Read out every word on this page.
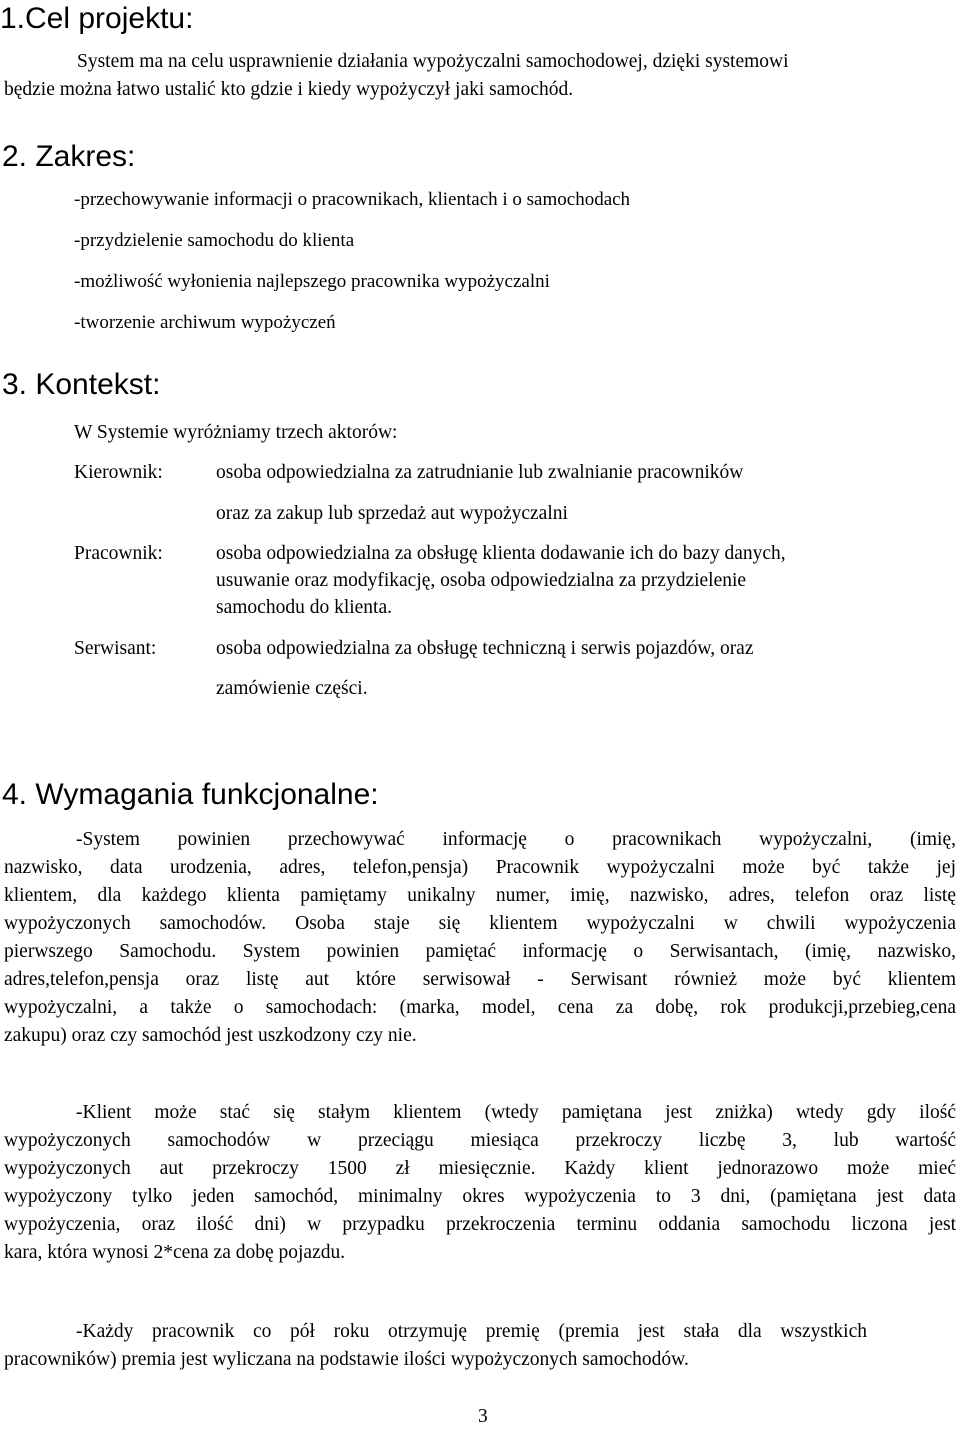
1.Cel projektu:
System ma na celu usprawnienie działania wypożyczalni samochodowej, dzięki systemowi
będzie można łatwo ustalić kto gdzie i kiedy wypożyczył jaki samochód.
2. Zakres:
-przechowywanie informacji o pracownikach, klientach i o samochodach
-przydzielenie samochodu do klienta
-możliwość wyłonienia najlepszego pracownika wypożyczalni
-tworzenie archiwum wypożyczeń
3. Kontekst:
W Systemie wyróżniamy trzech aktorów:
Kierownik:	osoba odpowiedzialna za zatrudnianie lub zwalnianie pracowników
oraz za zakup lub sprzedaż aut wypożyczalni
Pracownik:	osoba odpowiedzialna za obsługę klienta dodawanie ich do bazy danych,
usuwanie oraz modyfikację, osoba odpowiedzialna za przydzielenie
samochodu do klienta.
Serwisant:	osoba odpowiedzialna za obsługę techniczną i serwis pojazdów, oraz
zamówienie części.
4. Wymagania funkcjonalne:
-System powinien przechowywać informację o pracownikach wypożyczalni, (imię,
nazwisko, data urodzenia, adres, telefon,pensja) Pracownik wypożyczalni może być także jej
klientem, dla każdego klienta pamiętamy unikalny numer, imię, nazwisko, adres, telefon oraz listę
wypożyczonych samochodów. Osoba staje się klientem wypożyczalni w chwili wypożyczenia
pierwszego Samochodu. System powinien pamiętać informację o Serwisantach, (imię, nazwisko,
adres,telefon,pensja oraz listę aut które serwisował - Serwisant również może być klientem
wypożyczalni, a także o samochodach: (marka, model, cena za dobę, rok produkcji,przebieg,cena
zakupu) oraz czy samochód jest uszkodzony czy nie.
-Klient może stać się stałym klientem (wtedy pamiętana jest zniżka) wtedy gdy ilość
wypożyczonych samochodów w przeciągu miesiąca przekroczy liczbę 3, lub wartość
wypożyczonych aut przekroczy 1500 zł miesięcznie. Każdy klient jednorazowo może mieć
wypożyczony tylko jeden samochód, minimalny okres wypożyczenia to 3 dni, (pamiętana jest data
wypożyczenia, oraz ilość dni) w przypadku przekroczenia terminu oddania samochodu liczona jest
kara, która wynosi 2*cena za dobę pojazdu.
-Każdy pracownik co pół roku otrzymuję premię (premia jest stała dla wszystkich
pracowników) premia jest wyliczana na podstawie ilości wypożyczonych samochodów.
3
